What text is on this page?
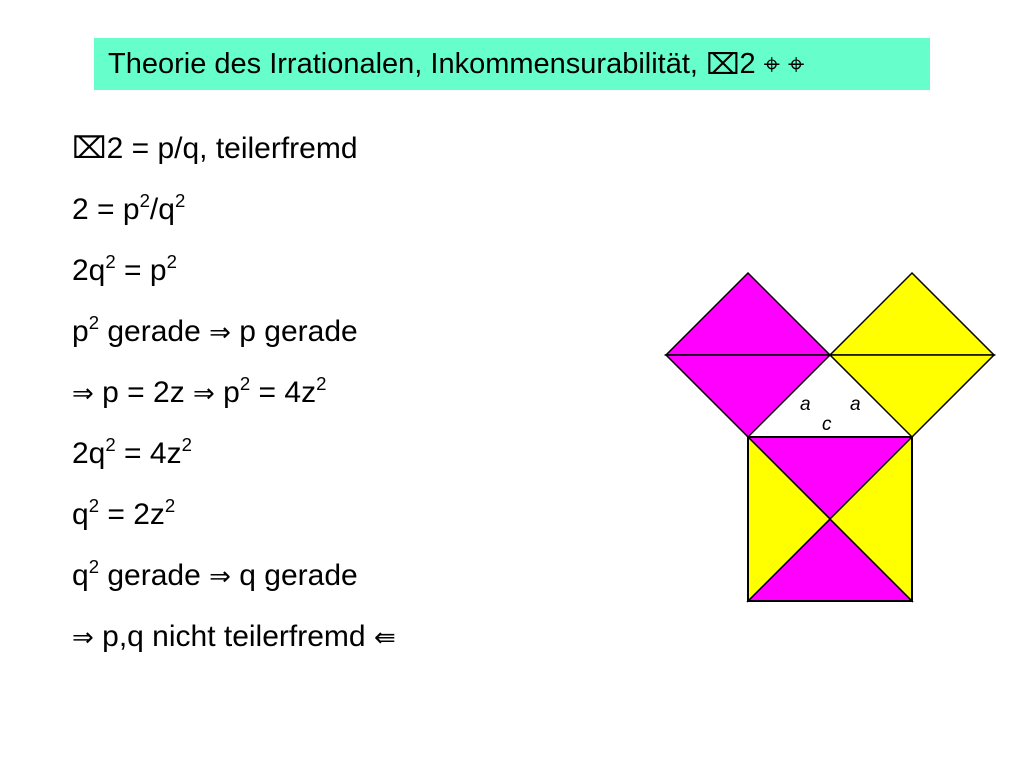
Theorie des Irrationalen, Inkommensurabilität,
⌧ 2
⌖
⌖
⌧2 = p/q, teilerfremd
$2 = p^2/q^2$
$2q^2 = p^2$
$p^2$ gerade ⇒ p gerade
⇒ p = 2z ⇒ $p^2 = 4z^2$
$2q^2 = 4z^2$
$q^2 = 2z^2$
$q^2$ gerade ⇒ q gerade
⇒ p,q nicht teilerfremd ⇚
a a
c
